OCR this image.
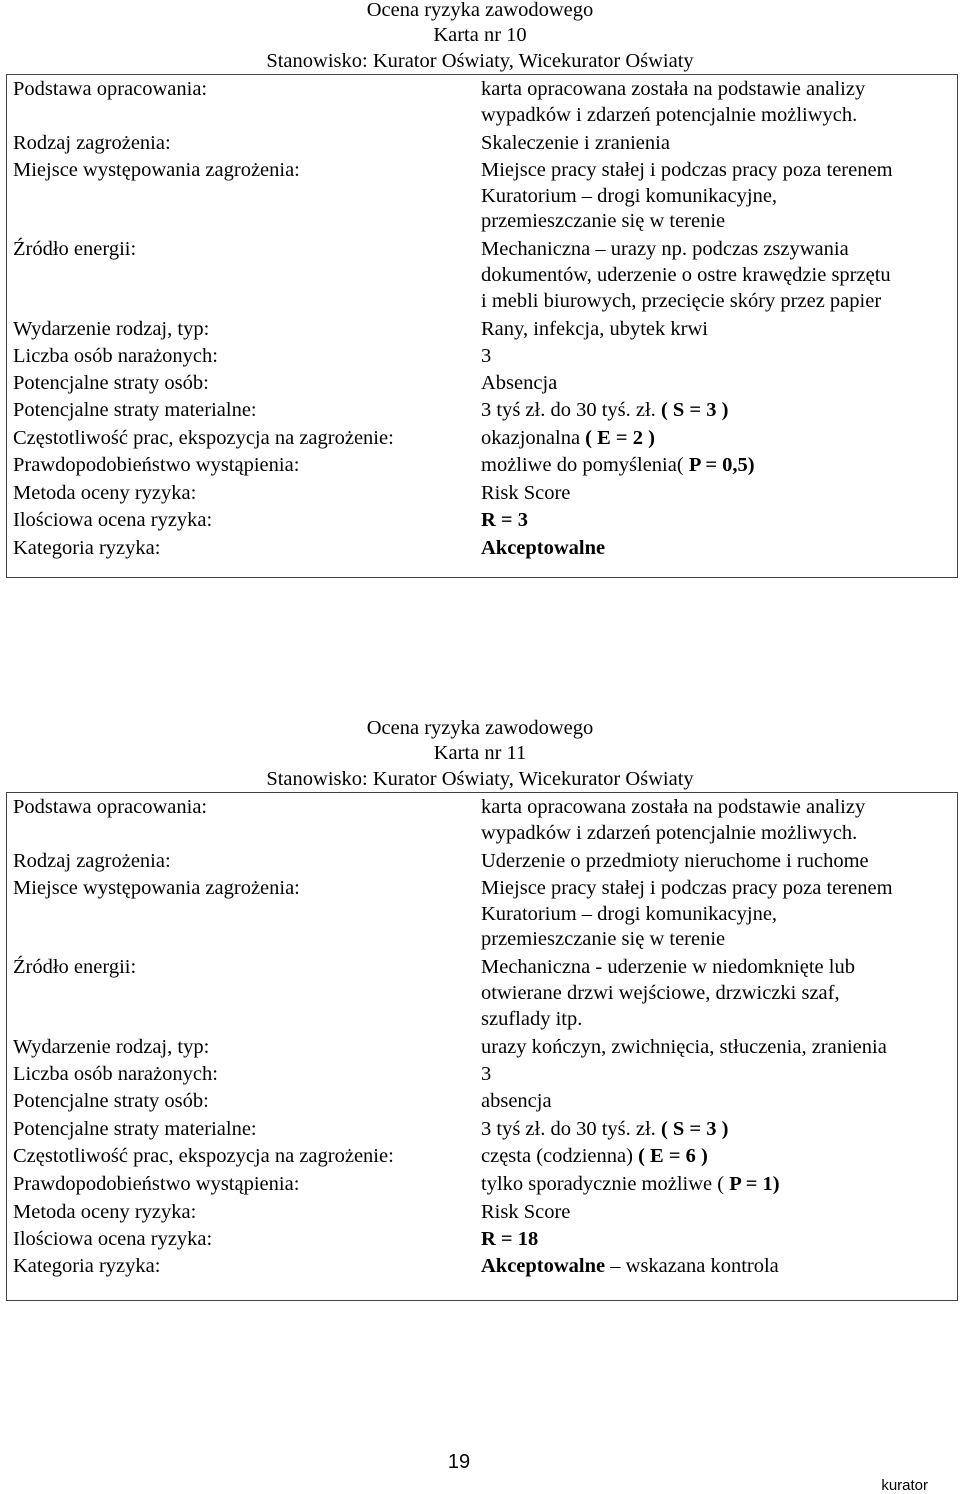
Ocena ryzyka zawodowego
Karta nr 10
Stanowisko: Kurator Oświaty, Wicekurator Oświaty
Podstawa opracowania:	karta opracowana została na podstawie analizy
wypadków i zdarzeń potencjalnie możliwych.
Rodzaj zagrożenia:	Skaleczenie i zranienia
Miejsce występowania zagrożenia:	Miejsce pracy stałej i podczas pracy poza terenem
Kuratorium – drogi komunikacyjne,
przemieszczanie się w terenie
Źródło energii:	Mechaniczna – urazy np. podczas zszywania
dokumentów, uderzenie o ostre krawędzie sprzętu
i mebli biurowych, przecięcie skóry przez papier
Wydarzenie rodzaj, typ:	Rany, infekcja, ubytek krwi
Liczba osób narażonych:	3
Potencjalne straty osób:	Absencja
Potencjalne straty materialne:	3 tyś zł. do 30 tyś. zł. ( S = 3 )
Częstotliwość prac, ekspozycja na zagrożenie:	okazjonalna ( E = 2 )
Prawdopodobieństwo wystąpienia:	możliwe do pomyślenia( P = 0,5)
Metoda oceny ryzyka:	Risk Score
Ilościowa ocena ryzyka:	R = 3
Kategoria ryzyka:	Akceptowalne
Ocena ryzyka zawodowego
Karta nr 11
Stanowisko: Kurator Oświaty, Wicekurator Oświaty
Podstawa opracowania:	karta opracowana została na podstawie analizy
wypadków i zdarzeń potencjalnie możliwych.
Rodzaj zagrożenia:	Uderzenie o przedmioty nieruchome i ruchome
Miejsce występowania zagrożenia:	Miejsce pracy stałej i podczas pracy poza terenem
Kuratorium – drogi komunikacyjne,
przemieszczanie się w terenie
Źródło energii:	Mechaniczna - uderzenie w niedomknięte lub
otwierane drzwi wejściowe, drzwiczki szaf,
szuflady itp.
Wydarzenie rodzaj, typ:	urazy kończyn, zwichnięcia, stłuczenia, zranienia
Liczba osób narażonych:	3
Potencjalne straty osób:	absencja
Potencjalne straty materialne:	3 tyś zł. do 30 tyś. zł. ( S = 3 )
Częstotliwość prac, ekspozycja na zagrożenie:	częsta (codzienna) ( E = 6 )
Prawdopodobieństwo wystąpienia:	tylko sporadycznie możliwe ( P = 1)
Metoda oceny ryzyka:	Risk Score
Ilościowa ocena ryzyka:	R = 18
Kategoria ryzyka:	Akceptowalne – wskazana kontrola
19
kurator
